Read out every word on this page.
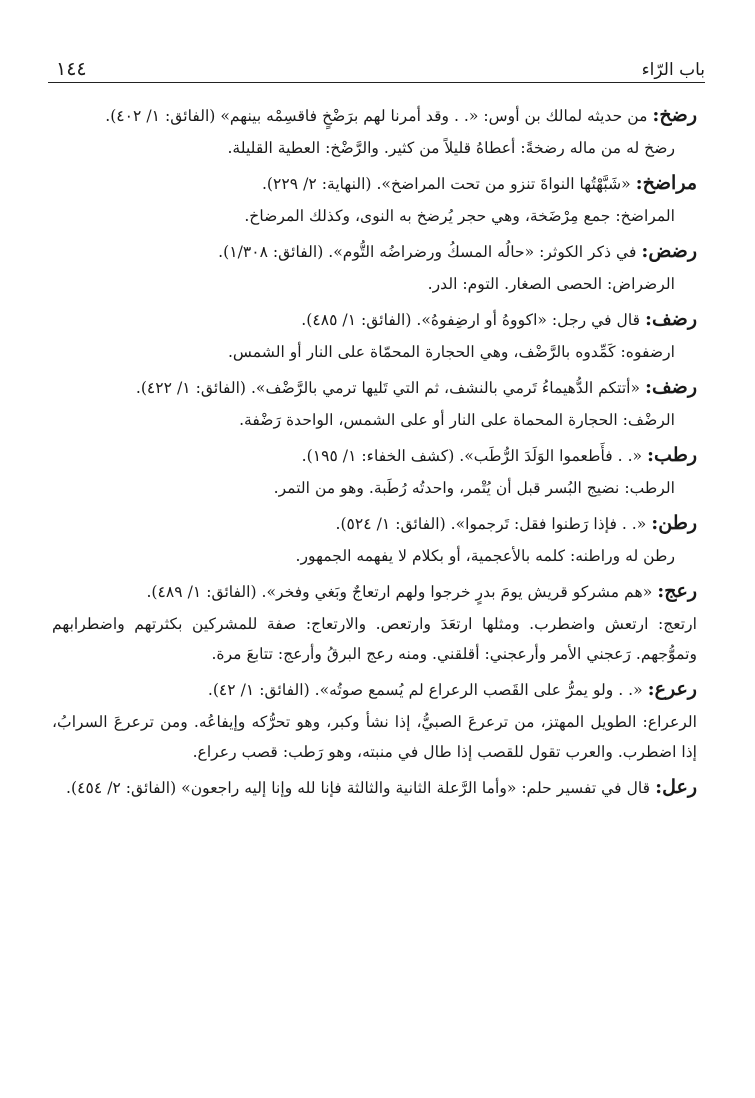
باب الرّاء
١٤٤

رضخ: من حديثه لمالك بن أوس: «. . وقد أمرنا لهم برَضْخٍ فاقسِمْه بينهم» (الفائق: ١/ ٤٠٢).

رضخ له من ماله رضخةً: أعطاهُ قليلاً من كثير. والرَّضْخ: العطية القليلة.

مراضخ: «شَبَّهْتُها النواةَ تنزو من تحت المراضخ». (النهاية: ٢/ ٢٢٩).

المراضخ: جمع مِرْضَخة، وهي حجر يُرضخ به النوى، وكذلك المرضاخ.

رضض: في ذكر الكوثر: «حالُه المسكُ ورضراضُه التُّوم». (الفائق: ١/٣٠٨).

الرضراض: الحصى الصغار. التوم: الدر.

رضف: قال في رجل: «اكووهُ أو ارضِفوهُ». (الفائق: ١/ ٤٨٥).

ارضفوه: كَمِّدوه بالرَّضْف، وهي الحجارة المحمّاة على النار أو الشمس.

رضف: «أتتكم الدُّهيماءُ تَرمي بالنشف، ثم التي تَليها ترمي بالرَّضْف». (الفائق: ١/ ٤٢٢).

الرضْف: الحجارة المحماة على النار أو على الشمس، الواحدة رَضْفة.

رطب: «. . فأَطعموا الوَلَدَ الرُّطَب». (كشف الخفاء: ١/ ١٩٥).

الرطب: نضيج البُسر قبل أن يُتْمر، واحدتُه رُطَبة. وهو من التمر.

رطن: «. . فإذا رَطنوا فقل: تَرجموا». (الفائق: ١/ ٥٢٤).

رطن له وراطنه: كلمه بالأعجمية، أو بكلام لا يفهمه الجمهور.

رعج: «هم مشركو قريش يومَ بدرٍ خرجوا ولهم ارتعاجٌ وبَغي وفخر». (الفائق: ١/ ٤٨٩).

ارتعج: ارتعش واضطرب. ومثلها ارتعَدَ وارتعص. والارتعاج: صفة للمشركين بكثرتهم واضطرابهم وتموُّجهم. رَعجني الأمر وأرعجني: أقلقني. ومنه رعج البرقُ وأرعج: تتابعَ مرة.

رعرع: «. . ولو يمرُّ على القَصب الرعراع لم يُسمع صوتُه». (الفائق: ١/ ٤٢).

الرعراع: الطويل المهتز، من ترعرعَ الصبيُّ، إذا نشأ وكبر، وهو تحرُّكه وإيفاعُه. ومن ترعرعَ السرابُ، إذا اضطرب. والعرب تقول للقصب إذا طال في منبته، وهو رَطب: قصب رعراع.

رعل: قال في تفسير حلم: «وأما الرَّعلة الثانية والثالثة فإنا لله وإنا إليه راجعون» (الفائق: ٢/ ٤٥٤).
